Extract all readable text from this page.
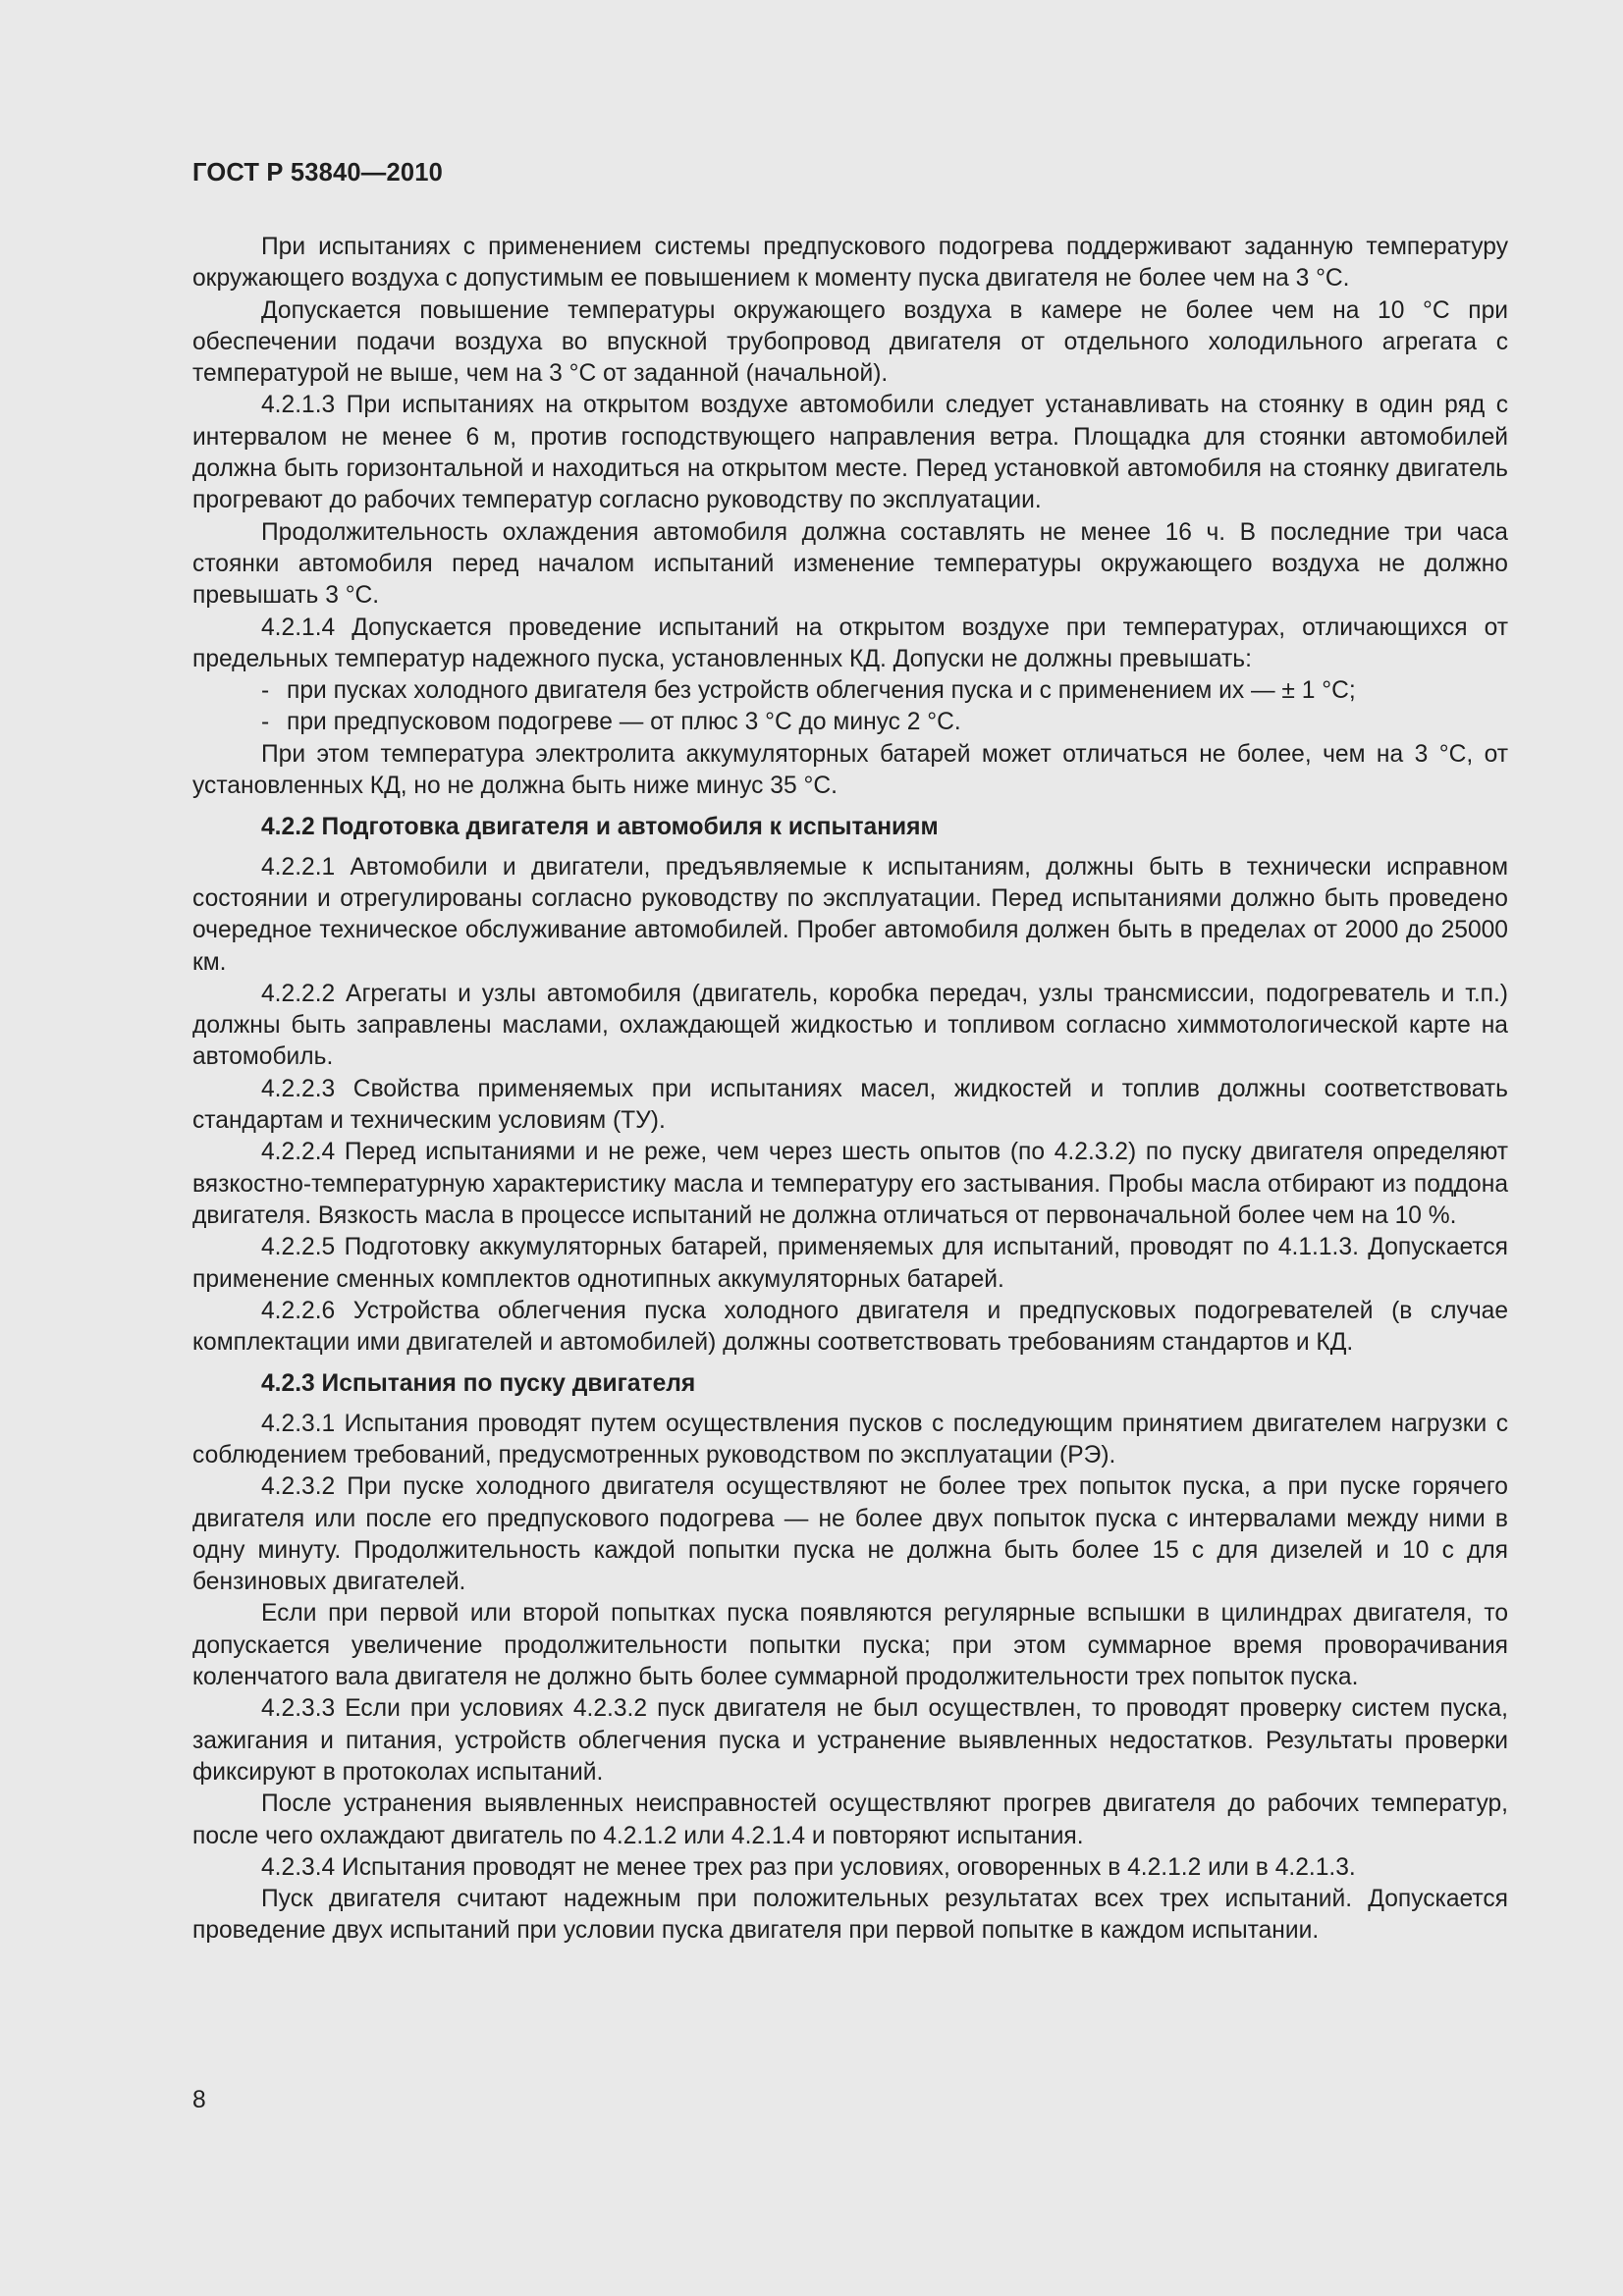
ГОСТ Р 53840—2010

При испытаниях с применением системы предпускового подогрева поддерживают заданную температуру окружающего воздуха с допустимым ее повышением к моменту пуска двигателя не более чем на 3 °С.

Допускается повышение температуры окружающего воздуха в камере не более чем на 10 °С при обеспечении подачи воздуха во впускной трубопровод двигателя от отдельного холодильного агрегата с температурой не выше, чем на 3 °С от заданной (начальной).

4.2.1.3 При испытаниях на открытом воздухе автомобили следует устанавливать на стоянку в один ряд с интервалом не менее 6 м, против господствующего направления ветра. Площадка для стоянки автомобилей должна быть горизонтальной и находиться на открытом месте. Перед установкой автомобиля на стоянку двигатель прогревают до рабочих температур согласно руководству по эксплуатации.

Продолжительность охлаждения автомобиля должна составлять не менее 16 ч. В последние три часа стоянки автомобиля перед началом испытаний изменение температуры окружающего воздуха не должно превышать 3 °С.

4.2.1.4 Допускается проведение испытаний на открытом воздухе при температурах, отличающихся от предельных температур надежного пуска, установленных КД. Допуски не должны превышать:

- при пусках холодного двигателя без устройств облегчения пуска и с применением их — ± 1 °С;

- при предпусковом подогреве — от плюс 3 °С до минус 2 °С.

При этом температура электролита аккумуляторных батарей может отличаться не более, чем на 3 °С, от установленных КД, но не должна быть ниже минус 35 °С.

4.2.2 Подготовка двигателя и автомобиля к испытаниям

4.2.2.1 Автомобили и двигатели, предъявляемые к испытаниям, должны быть в технически исправном состоянии и отрегулированы согласно руководству по эксплуатации. Перед испытаниями должно быть проведено очередное техническое обслуживание автомобилей. Пробег автомобиля должен быть в пределах от 2000 до 25000 км.

4.2.2.2 Агрегаты и узлы автомобиля (двигатель, коробка передач, узлы трансмиссии, подогреватель и т.п.) должны быть заправлены маслами, охлаждающей жидкостью и топливом согласно химмотологической карте на автомобиль.

4.2.2.3 Свойства применяемых при испытаниях масел, жидкостей и топлив должны соответствовать стандартам и техническим условиям (ТУ).

4.2.2.4 Перед испытаниями и не реже, чем через шесть опытов (по 4.2.3.2) по пуску двигателя определяют вязкостно-температурную характеристику масла и температуру его застывания. Пробы масла отбирают из поддона двигателя. Вязкость масла в процессе испытаний не должна отличаться от первоначальной более чем на 10 %.

4.2.2.5 Подготовку аккумуляторных батарей, применяемых для испытаний, проводят по 4.1.1.3. Допускается применение сменных комплектов однотипных аккумуляторных батарей.

4.2.2.6 Устройства облегчения пуска холодного двигателя и предпусковых подогревателей (в случае комплектации ими двигателей и автомобилей) должны соответствовать требованиям стандартов и КД.

4.2.3 Испытания по пуску двигателя

4.2.3.1 Испытания проводят путем осуществления пусков с последующим принятием двигателем нагрузки с соблюдением требований, предусмотренных руководством по эксплуатации (РЭ).

4.2.3.2 При пуске холодного двигателя осуществляют не более трех попыток пуска, а при пуске горячего двигателя или после его предпускового подогрева — не более двух попыток пуска с интервалами между ними в одну минуту. Продолжительность каждой попытки пуска не должна быть более 15 с для дизелей и 10 с для бензиновых двигателей.

Если при первой или второй попытках пуска появляются регулярные вспышки в цилиндрах двигателя, то допускается увеличение продолжительности попытки пуска; при этом суммарное время проворачивания коленчатого вала двигателя не должно быть более суммарной продолжительности трех попыток пуска.

4.2.3.3 Если при условиях 4.2.3.2 пуск двигателя не был осуществлен, то проводят проверку систем пуска, зажигания и питания, устройств облегчения пуска и устранение выявленных недостатков. Результаты проверки фиксируют в протоколах испытаний.

После устранения выявленных неисправностей осуществляют прогрев двигателя до рабочих температур, после чего охлаждают двигатель по 4.2.1.2 или 4.2.1.4 и повторяют испытания.

4.2.3.4 Испытания проводят не менее трех раз при условиях, оговоренных в 4.2.1.2 или в 4.2.1.3.

Пуск двигателя считают надежным при положительных результатах всех трех испытаний. Допускается проведение двух испытаний при условии пуска двигателя при первой попытке в каждом испытании.

8
